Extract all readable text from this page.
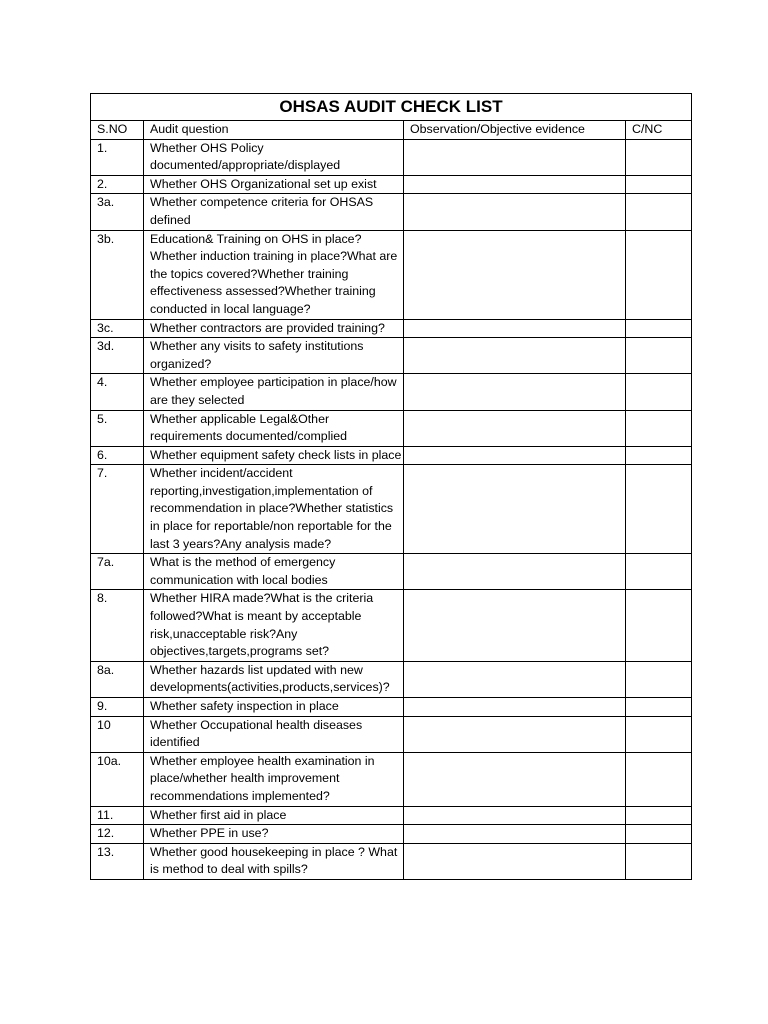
OHSAS AUDIT CHECK LIST			
S.NO	Audit question	Observation/Objective evidence	C/NC
1.	Whether OHS Policy documented/appropriate/displayed		
2.	Whether OHS Organizational set up exist		
3a.	Whether competence criteria for OHSAS defined		
3b.	Education& Training on OHS in place? Whether induction training in place?What are the topics covered?Whether training effectiveness assessed?Whether training conducted in local language?		
3c.	Whether contractors are provided training?		
3d.	Whether any visits to safety institutions organized?		
4.	Whether employee participation in place/how are they selected		
5.	Whether applicable Legal&Other requirements documented/complied		
6.	Whether equipment safety check lists in place		
7.	Whether incident/accident reporting,investigation,implementation of recommendation in place?Whether statistics in place for reportable/non reportable for the last 3 years?Any analysis made?		
7a.	What is the method of emergency communication with local bodies		
8.	Whether HIRA made?What is the criteria followed?What is meant by acceptable risk,unacceptable risk?Any objectives,targets,programs set?		
8a.	Whether hazards list updated with new developments(activities,products,services)?		
9.	Whether safety inspection in place		
10	Whether Occupational health diseases identified		
10a.	Whether employee health examination in place/whether health improvement recommendations implemented?		
11.	Whether first aid in place		
12.	Whether PPE in use?		
13.	Whether good housekeeping in place ? What is method to deal with spills?		
